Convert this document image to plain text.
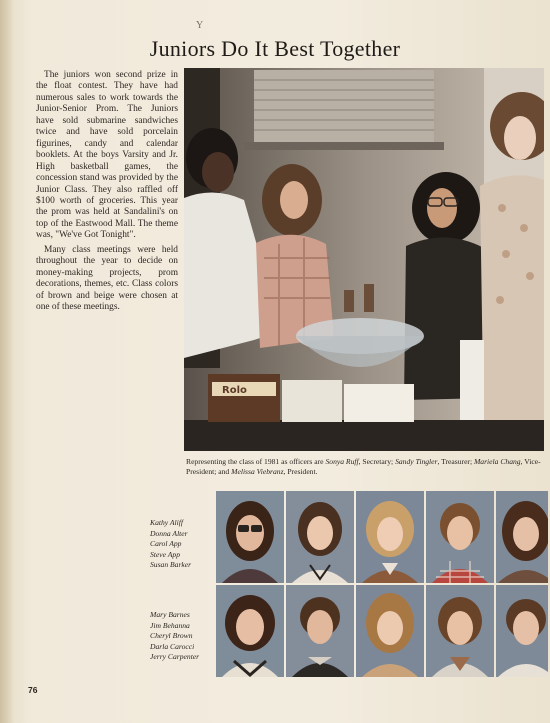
Y
Juniors Do It Best Together

The juniors won second prize in the float contest. They have had numerous sales to work towards the Junior-Senior Prom. The Juniors have sold submarine sandwiches twice and have sold porcelain figurines, candy and calendar booklets. At the boys Varsity and Jr. High basketball games, the concession stand was provided by the Junior Class. They also raffled off $100 worth of groceries. This year the prom was held at Sandalini's on top of the Eastwood Mall. The theme was, "We've Got Tonight".

Many class meetings were held throughout the year to decide on money-making projects, prom decorations, themes, etc. Class colors of brown and beige were chosen at one of these meetings.

Rolo
Representing the class of 1981 as officers are Sonya Ruff, Secretary; Sandy Tingler, Treasurer; Mariela Chang, Vice-President; and Melissa Viebranz, President.
Kathy Aliff
Donna Alter
Carol App
Steve App
Susan Barker
Mary Barnes
Jim Behanna
Cheryl Brown
Darla Carocci
Jerry Carpenter
76
